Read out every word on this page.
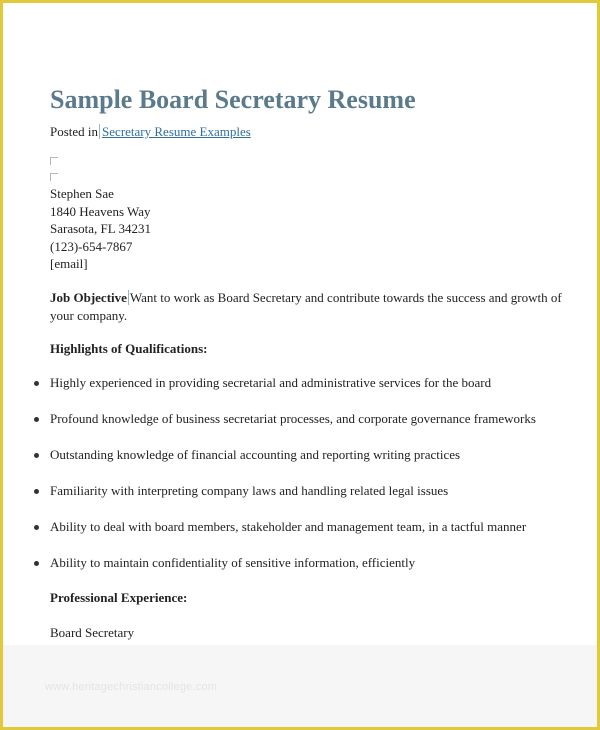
Sample Board Secretary Resume
Posted in Secretary Resume Examples
Stephen Sae
1840 Heavens Way
Sarasota, FL 34231
(123)-654-7867
[email]
Job Objective Want to work as Board Secretary and contribute towards the success and growth of your company.
Highlights of Qualifications:
Highly experienced in providing secretarial and administrative services for the board
Profound knowledge of business secretariat processes, and corporate governance frameworks
Outstanding knowledge of financial accounting and reporting writing practices
Familiarity with interpreting company laws and handling related legal issues
Ability to deal with board members, stakeholder and management team, in a tactful manner
Ability to maintain confidentiality of sensitive information, efficiently
Professional Experience:
Board Secretary
www.heritagechristiancollege.com
